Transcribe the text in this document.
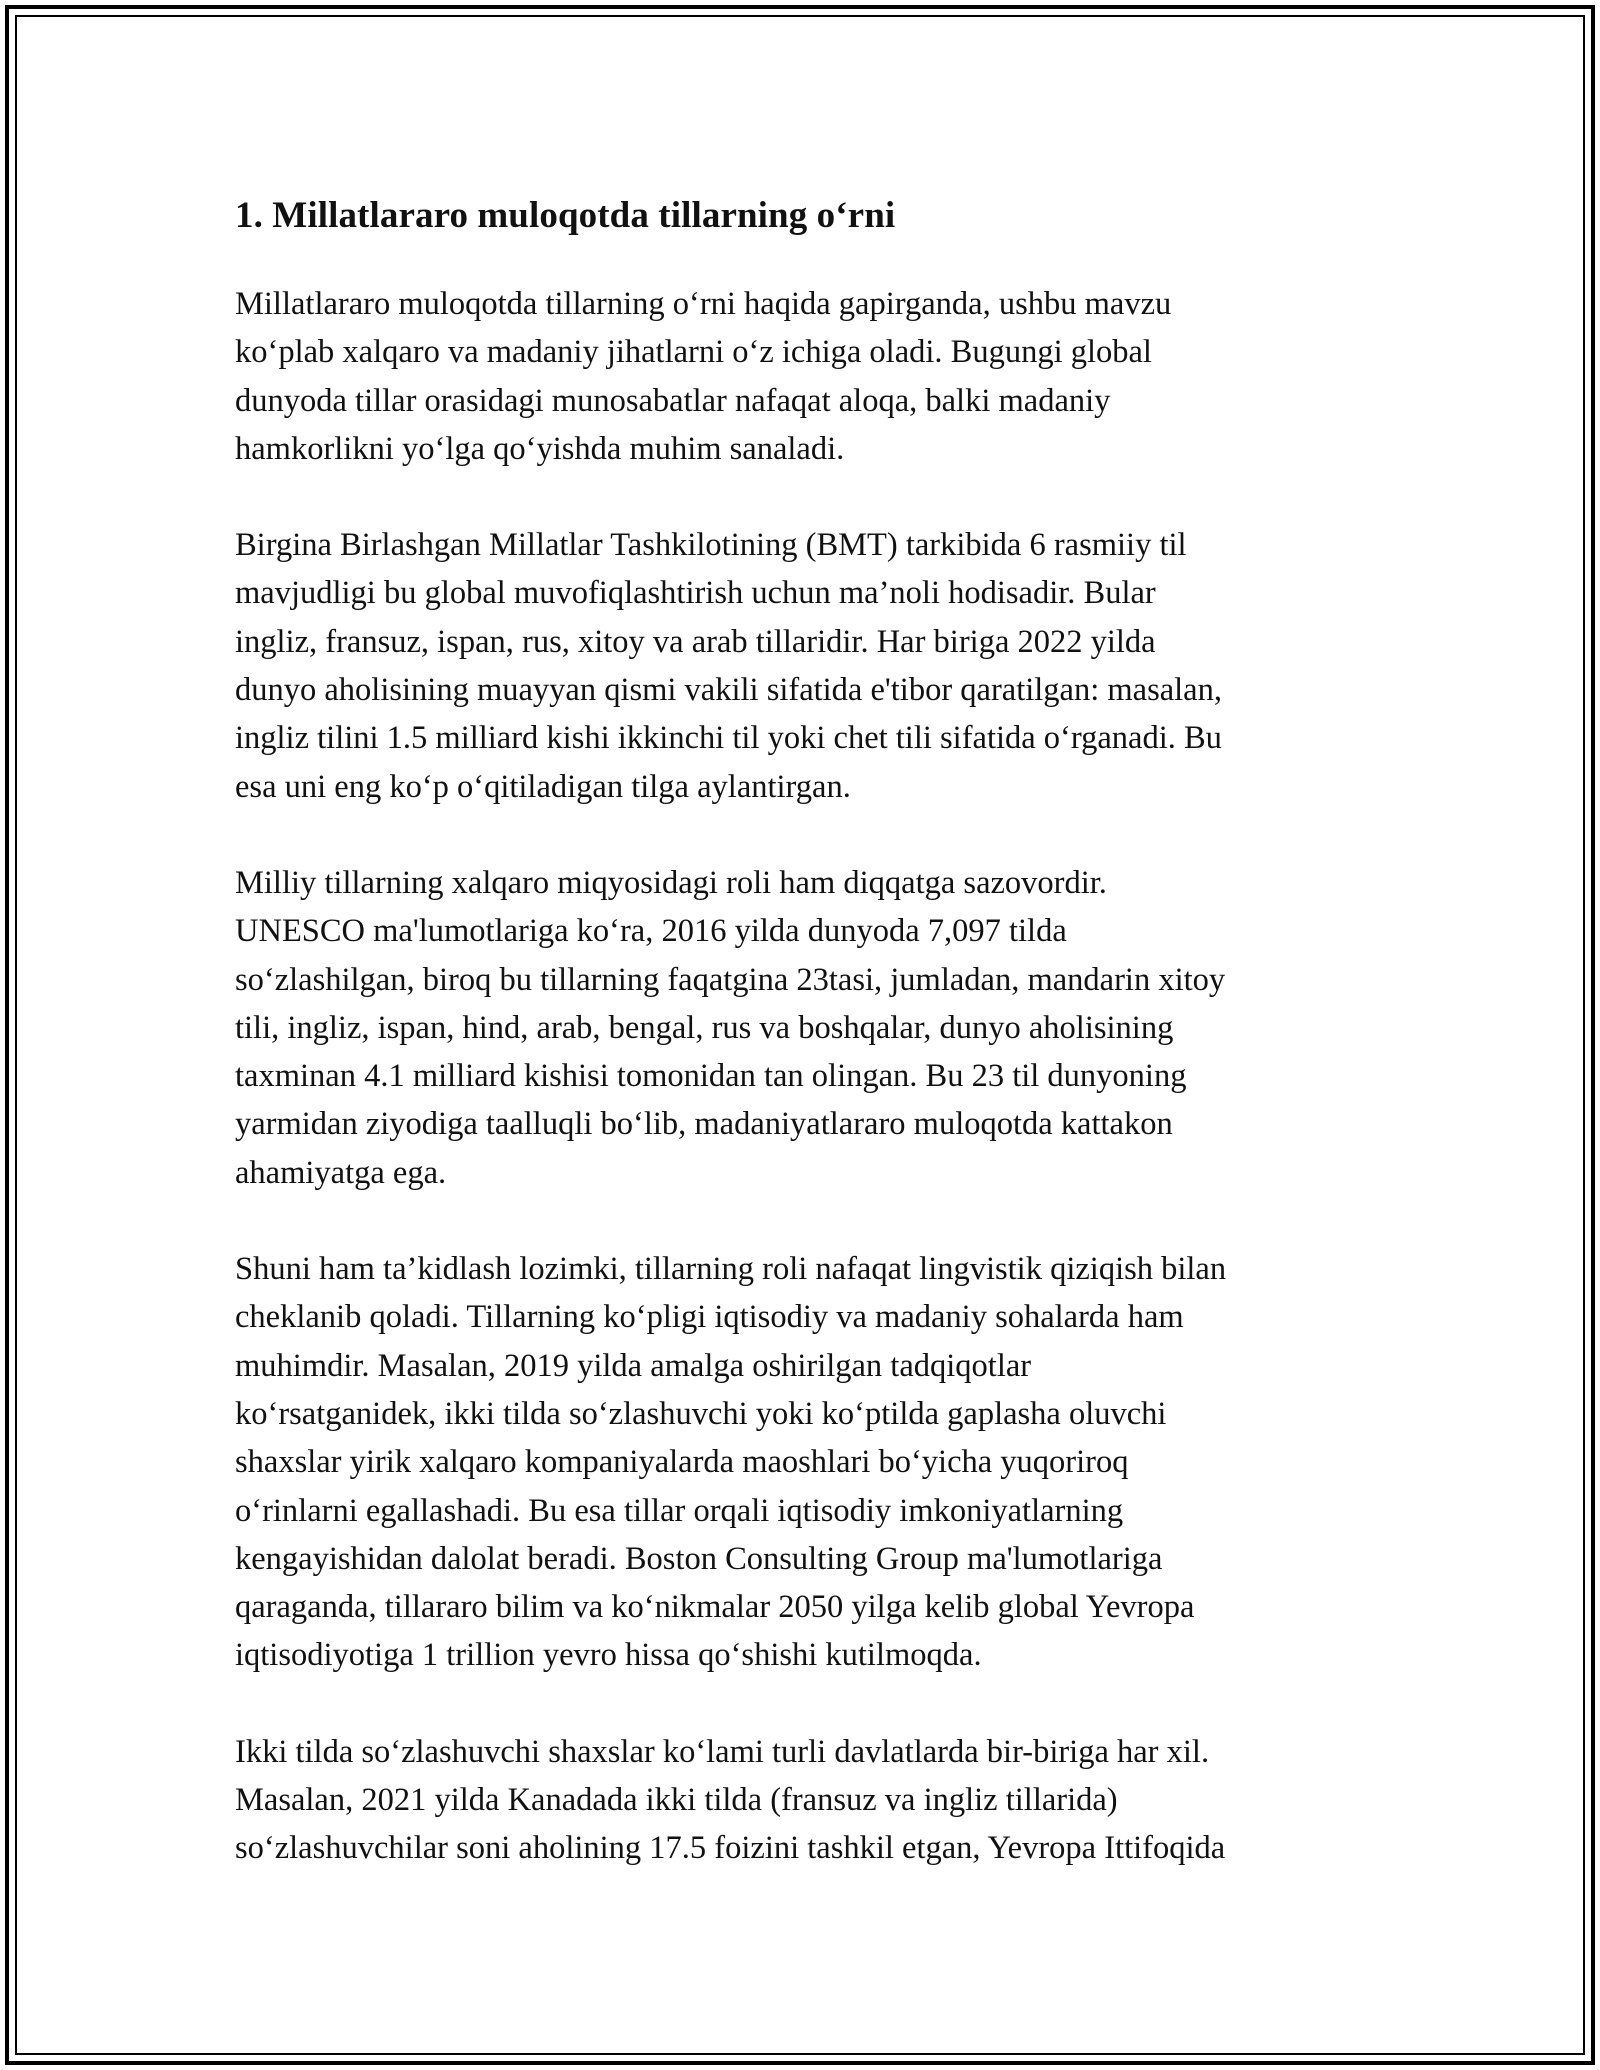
1. Millatlararo muloqotda tillarning o‘rni

Millatlararo muloqotda tillarning o‘rni haqida gapirganda, ushbu mavzu
ko‘plab xalqaro va madaniy jihatlarni o‘z ichiga oladi. Bugungi global
dunyoda tillar orasidagi munosabatlar nafaqat aloqa, balki madaniy
hamkorlikni yo‘lga qo‘yishda muhim sanaladi.

Birgina Birlashgan Millatlar Tashkilotining (BMT) tarkibida 6 rasmiiy til
mavjudligi bu global muvofiqlashtirish uchun ma’noli hodisadir. Bular
ingliz, fransuz, ispan, rus, xitoy va arab tillaridir. Har biriga 2022 yilda
dunyo aholisining muayyan qismi vakili sifatida e'tibor qaratilgan: masalan,
ingliz tilini 1.5 milliard kishi ikkinchi til yoki chet tili sifatida o‘rganadi. Bu
esa uni eng ko‘p o‘qitiladigan tilga aylantirgan.

Milliy tillarning xalqaro miqyosidagi roli ham diqqatga sazovordir.
UNESCO ma'lumotlariga ko‘ra, 2016 yilda dunyoda 7,097 tilda
so‘zlashilgan, biroq bu tillarning faqatgina 23tasi, jumladan, mandarin xitoy
tili, ingliz, ispan, hind, arab, bengal, rus va boshqalar, dunyo aholisining
taxminan 4.1 milliard kishisi tomonidan tan olingan. Bu 23 til dunyoning
yarmidan ziyodiga taalluqli bo‘lib, madaniyatlararo muloqotda kattakon
ahamiyatga ega.

Shuni ham ta’kidlash lozimki, tillarning roli nafaqat lingvistik qiziqish bilan
cheklanib qoladi. Tillarning ko‘pligi iqtisodiy va madaniy sohalarda ham
muhimdir. Masalan, 2019 yilda amalga oshirilgan tadqiqotlar
ko‘rsatganidek, ikki tilda so‘zlashuvchi yoki ko‘ptilda gaplasha oluvchi
shaxslar yirik xalqaro kompaniyalarda maoshlari bo‘yicha yuqoriroq
o‘rinlarni egallashadi. Bu esa tillar orqali iqtisodiy imkoniyatlarning
kengayishidan dalolat beradi. Boston Consulting Group ma'lumotlariga
qaraganda, tillararo bilim va ko‘nikmalar 2050 yilga kelib global Yevropa
iqtisodiyotiga 1 trillion yevro hissa qo‘shishi kutilmoqda.

Ikki tilda so‘zlashuvchi shaxslar ko‘lami turli davlatlarda bir-biriga har xil.
Masalan, 2021 yilda Kanadada ikki tilda (fransuz va ingliz tillarida)
so‘zlashuvchilar soni aholining 17.5 foizini tashkil etgan, Yevropa Ittifoqida
